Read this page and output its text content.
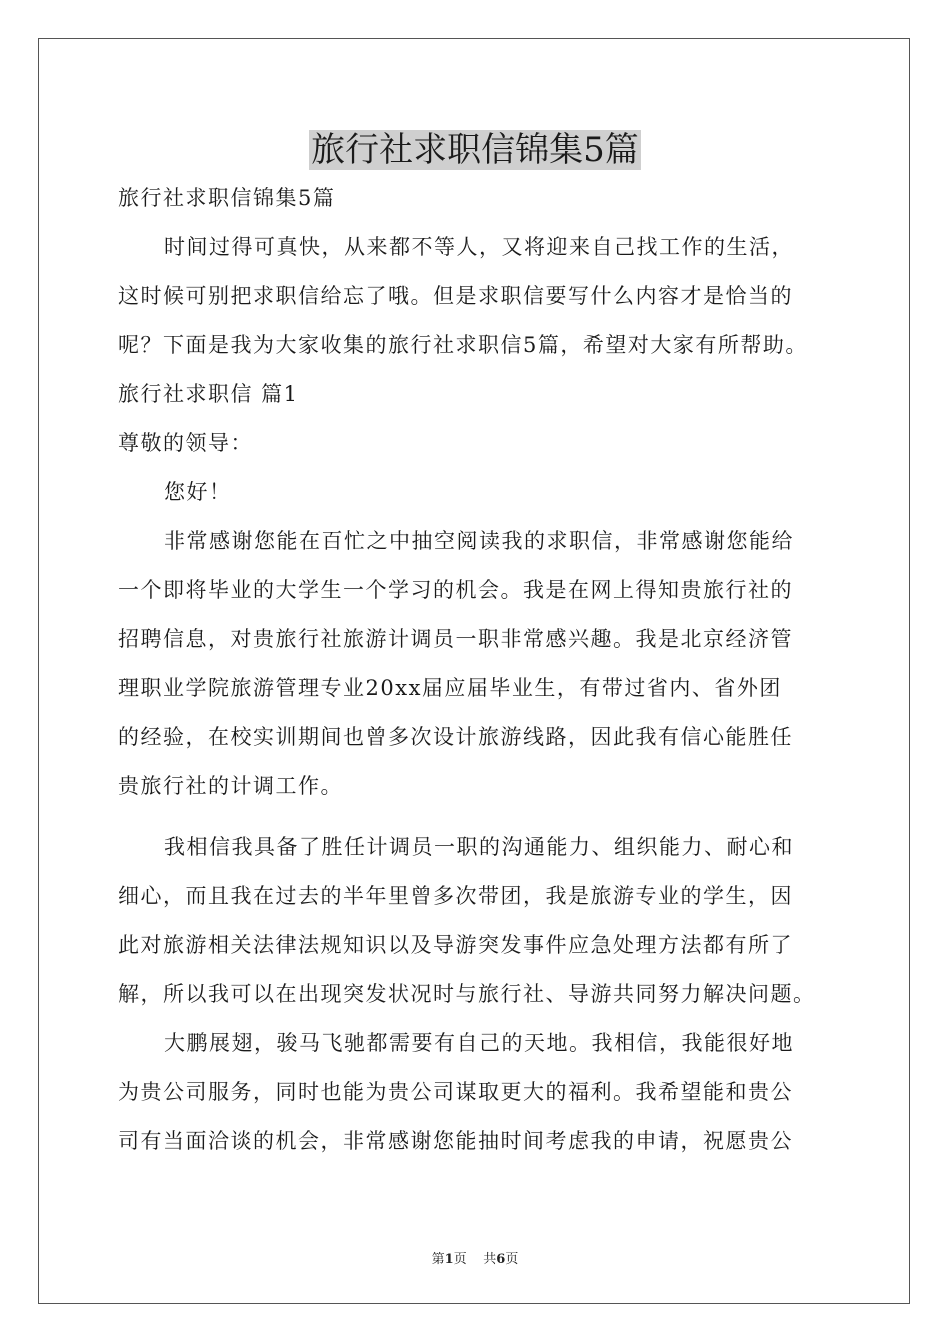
旅行社求职信锦集5篇
旅行社求职信锦集5篇
时间过得可真快，从来都不等人，又将迎来自己找工作的生活，
这时候可别把求职信给忘了哦。但是求职信要写什么内容才是恰当的
呢？下面是我为大家收集的旅行社求职信5篇，希望对大家有所帮助。
旅行社求职信 篇1
尊敬的领导：
您好！
非常感谢您能在百忙之中抽空阅读我的求职信，非常感谢您能给
一个即将毕业的大学生一个学习的机会。我是在网上得知贵旅行社的
招聘信息，对贵旅行社旅游计调员一职非常感兴趣。我是北京经济管
理职业学院旅游管理专业20xx届应届毕业生，有带过省内、省外团
的经验，在校实训期间也曾多次设计旅游线路，因此我有信心能胜任
贵旅行社的计调工作。
我相信我具备了胜任计调员一职的沟通能力、组织能力、耐心和
细心，而且我在过去的半年里曾多次带团，我是旅游专业的学生，因
此对旅游相关法律法规知识以及导游突发事件应急处理方法都有所了
解，所以我可以在出现突发状况时与旅行社、导游共同努力解决问题。
大鹏展翅，骏马飞驰都需要有自己的天地。我相信，我能很好地
为贵公司服务，同时也能为贵公司谋取更大的福利。我希望能和贵公
司有当面洽谈的机会，非常感谢您能抽时间考虑我的申请，祝愿贵公
第1页 共6页
